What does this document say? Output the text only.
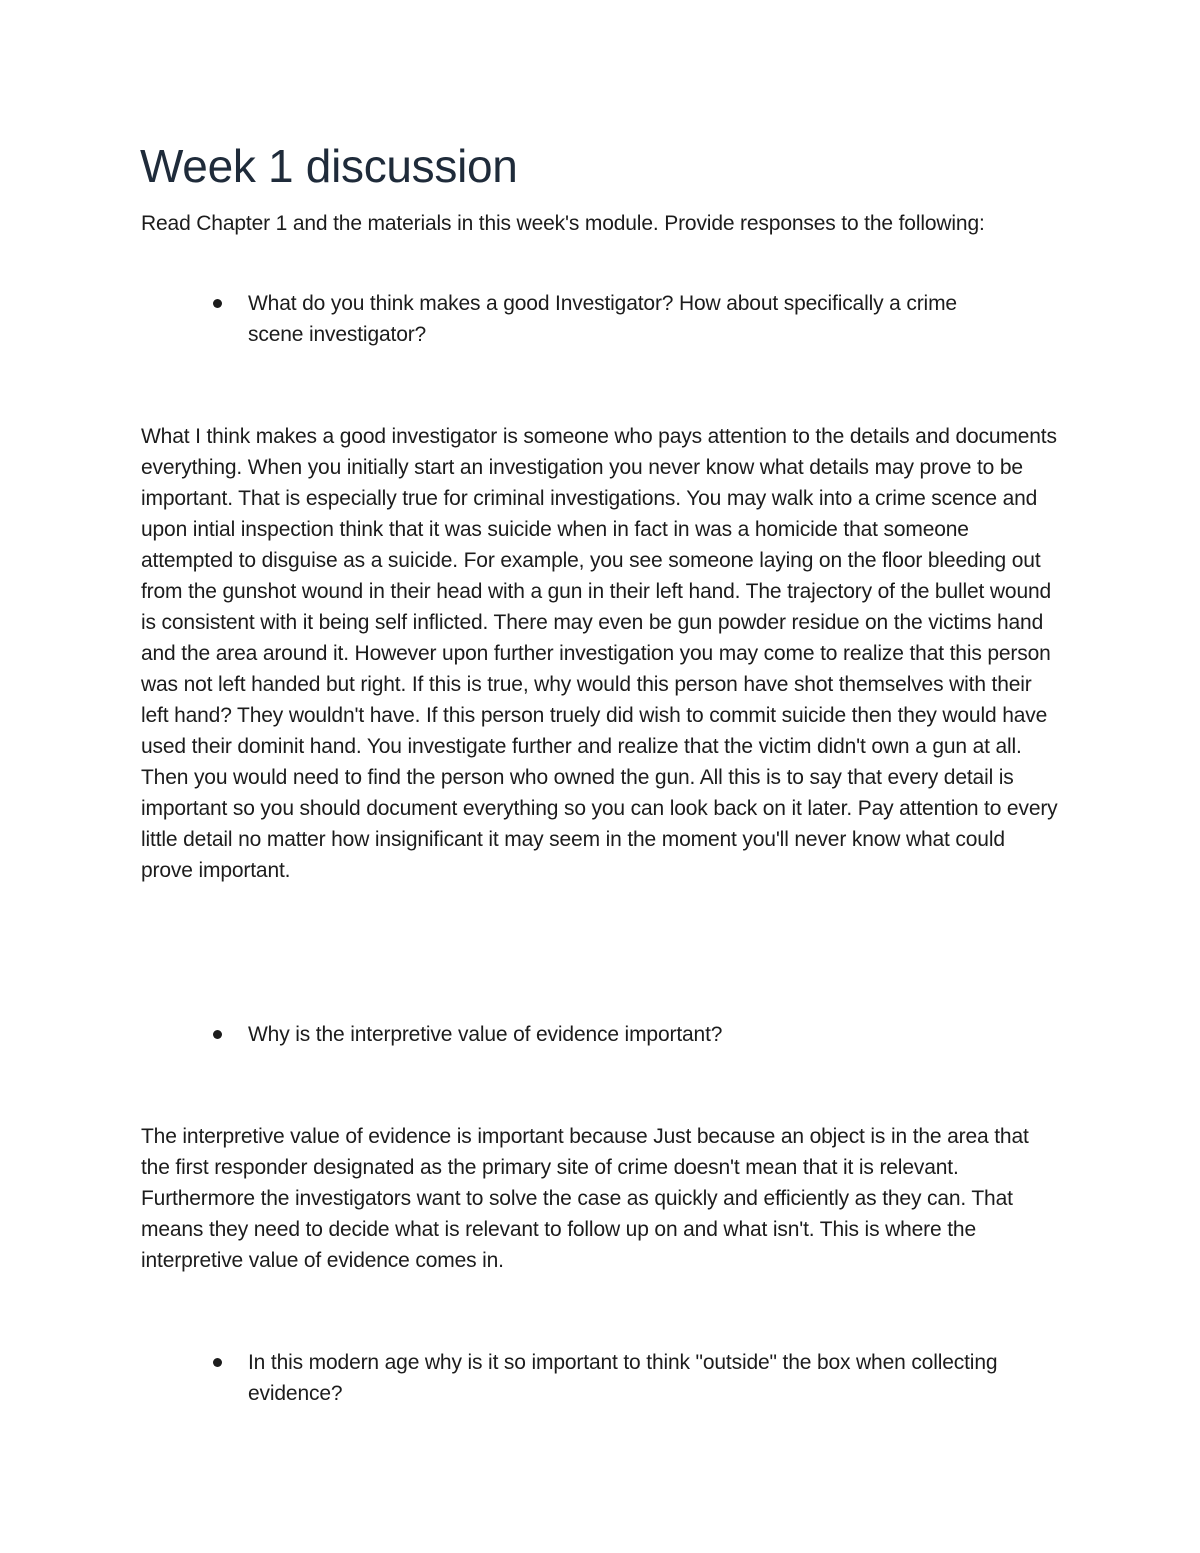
Week 1 discussion

Read Chapter 1 and the materials in this week's module. Provide responses to the following:

What do you think makes a good Investigator? How about specifically a crime scene investigator?

What I think makes a good investigator is someone who pays attention to the details and documents everything. When you initially start an investigation you never know what details may prove to be important. That is especially true for criminal investigations. You may walk into a crime scence and upon intial inspection think that it was suicide when in fact in was a homicide that someone attempted to disguise as a suicide. For example, you see someone laying on the floor bleeding out from the gunshot wound in their head with a gun in their left hand. The trajectory of the bullet wound is consistent with it being self inflicted. There may even be gun powder residue on the victims hand and the area around it. However upon further investigation you may come to realize that this person was not left handed but right. If this is true, why would this person have shot themselves with their left hand? They wouldn't have. If this person truely did wish to commit suicide then they would have used their dominit hand. You investigate further and realize that the victim didn't own a gun at all. Then you would need to find the person who owned the gun. All this is to say that every detail is important so you should document everything so you can look back on it later. Pay attention to every little detail no matter how insignificant it may seem in the moment you'll never know what could prove important.

Why is the interpretive value of evidence important?

The interpretive value of evidence is important because Just because an object is in the area that the first responder designated as the primary site of crime doesn't mean that it is relevant. Furthermore the investigators want to solve the case as quickly and efficiently as they can. That means they need to decide what is relevant to follow up on and what isn't. This is where the interpretive value of evidence comes in.

In this modern age why is it so important to think "outside" the box when collecting evidence?
